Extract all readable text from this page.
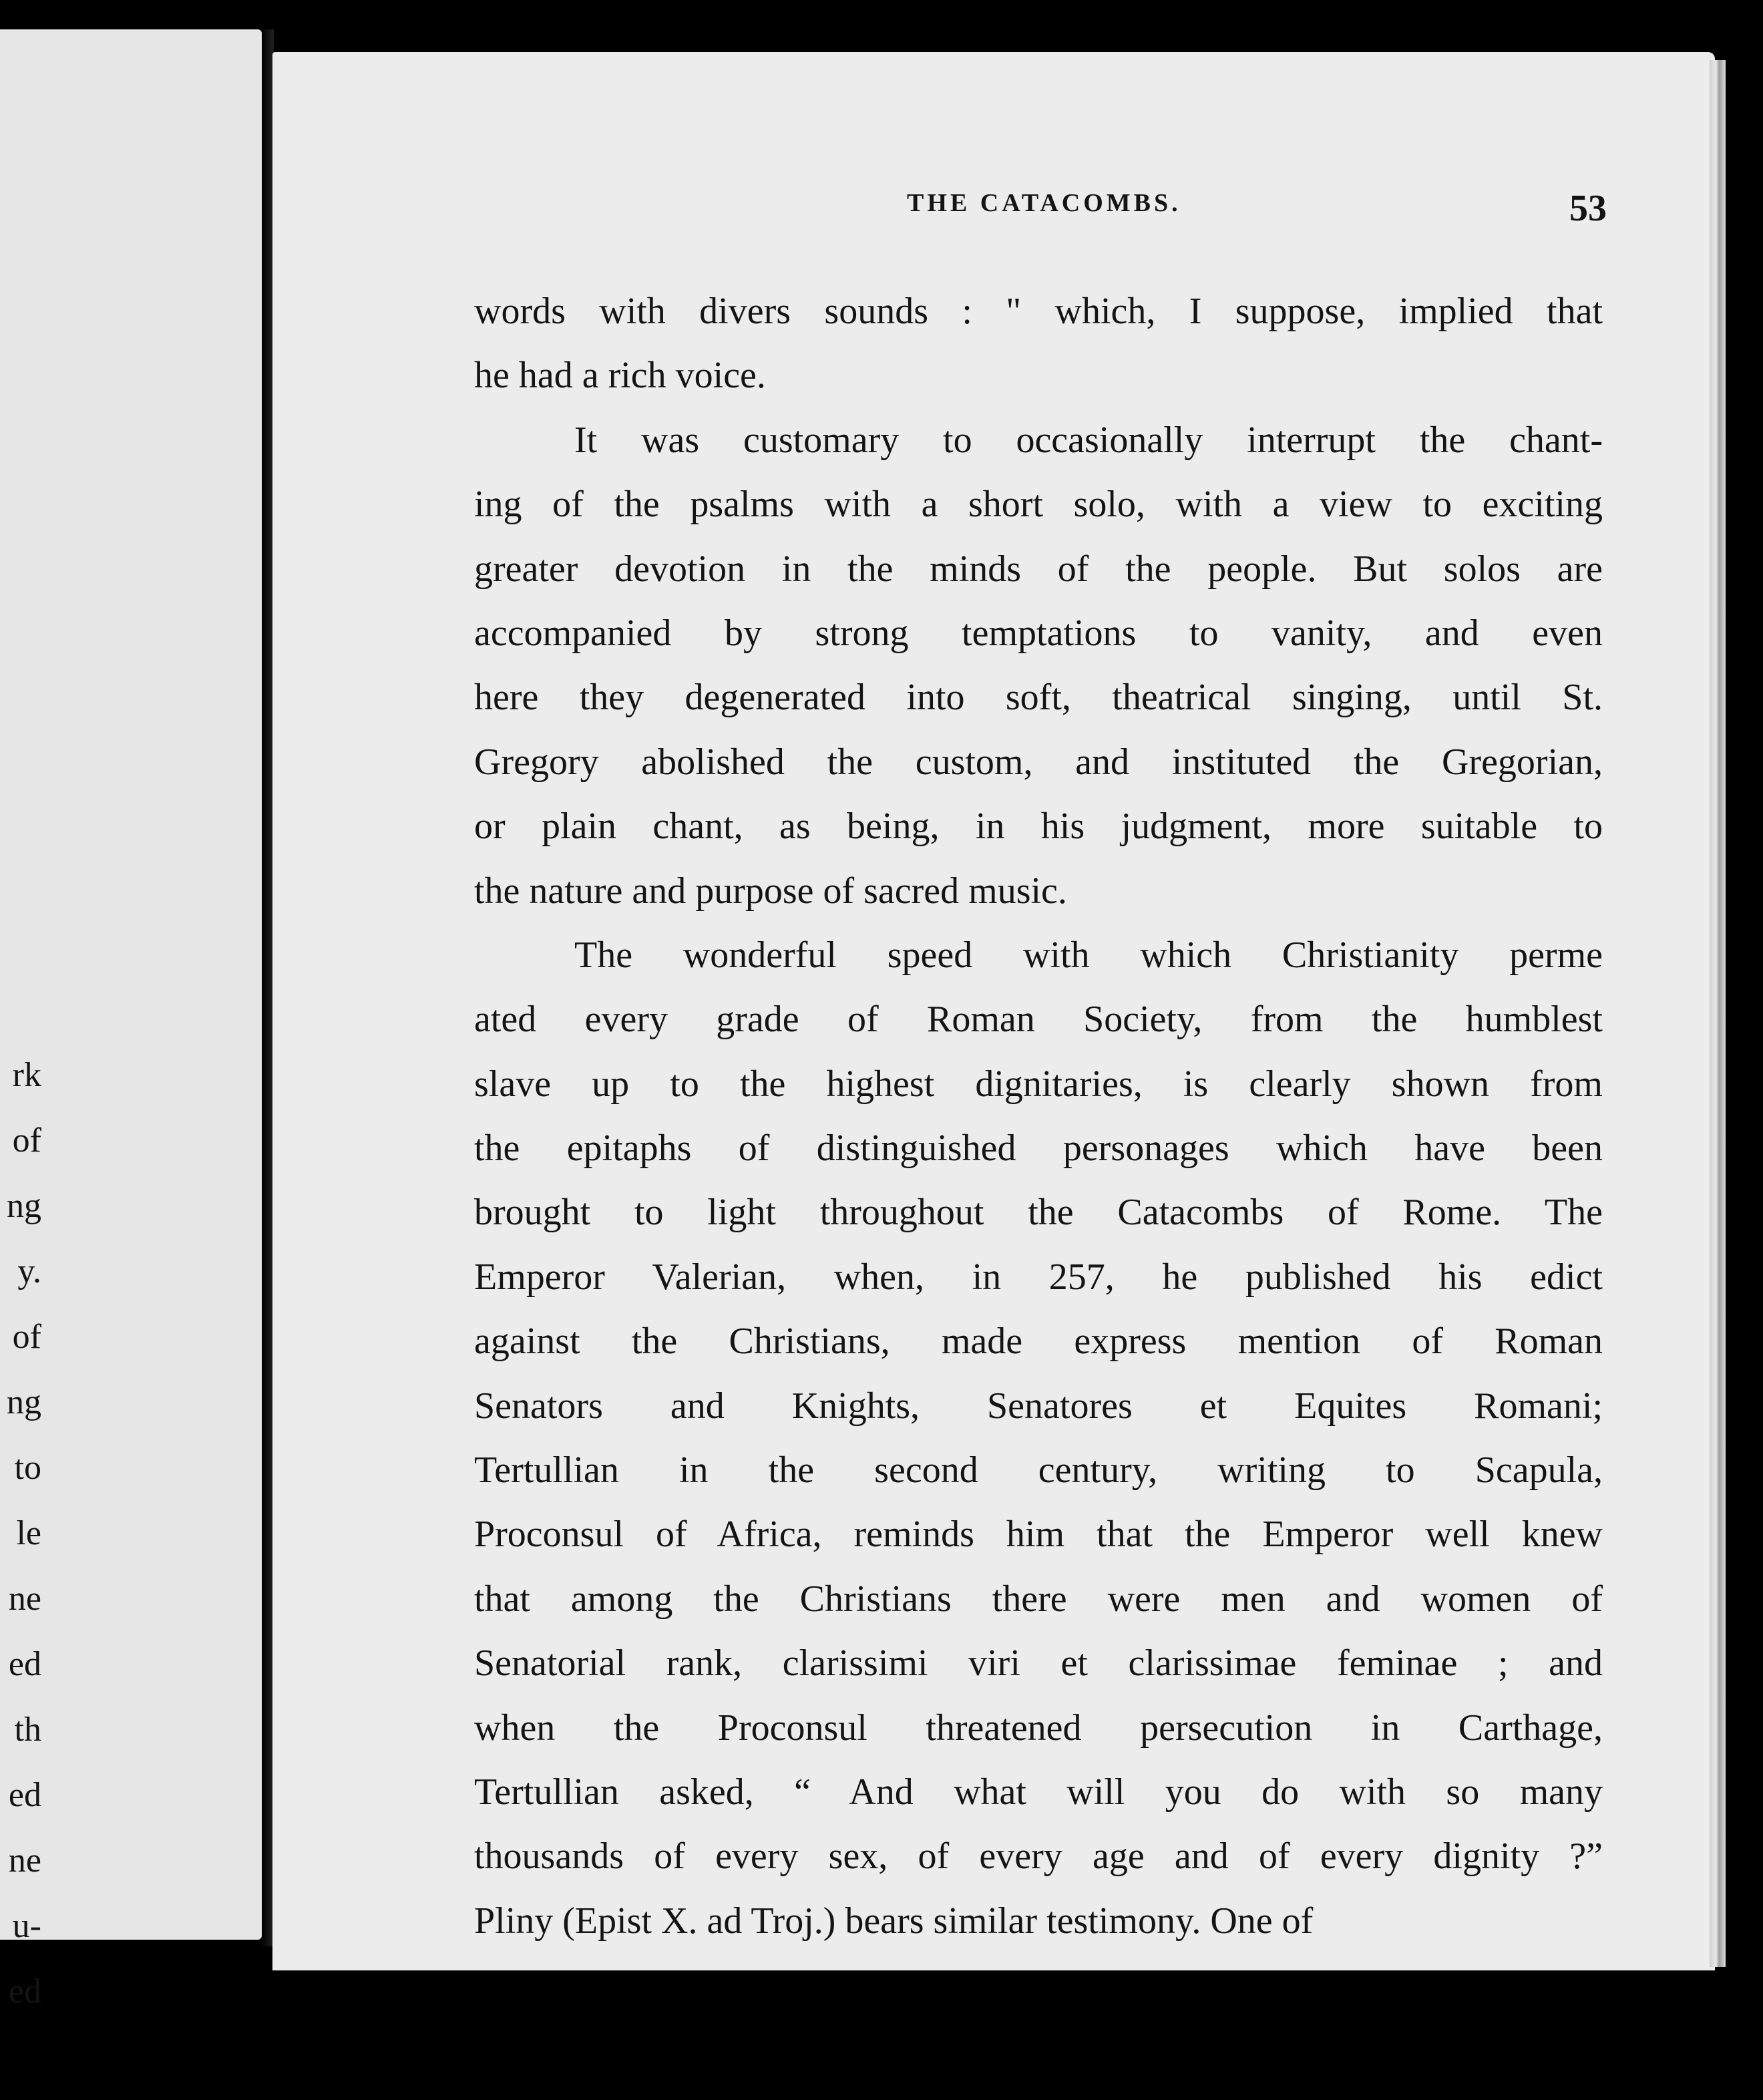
rk
of
ng
y.
of
ng
to
le
ne
ed
th
ed
ne
u-
ed
THE CATACOMBS.	53
words with divers sounds : " which, I suppose, implied that
he had a rich voice.
It was customary to occasionally interrupt the chant-
ing of the psalms with a short solo, with a view to exciting
greater devotion in the minds of the people. But solos are
accompanied by strong temptations to vanity, and even
here they degenerated into soft, theatrical singing, until St.
Gregory abolished the custom, and instituted the Gregorian,
or plain chant, as being, in his judgment, more suitable to
the nature and purpose of sacred music.
The wonderful speed with which Christianity perme
ated every grade of Roman Society, from the humblest
slave up to the highest dignitaries, is clearly shown from
the epitaphs of distinguished personages which have been
brought to light throughout the Catacombs of Rome. The
Emperor Valerian, when, in 257, he published his edict
against the Christians, made express mention of Roman
Senators and Knights, Senatores et Equites Romani;
Tertullian in the second century, writing to Scapula,
Proconsul of Africa, reminds him that the Emperor well knew
that among the Christians there were men and women of
Senatorial rank, clarissimi viri et clarissimae feminae ; and
when the Proconsul threatened persecution in Carthage,
Tertullian asked, “ And what will you do with so many
thousands of every sex, of every age and of every dignity ?”
Pliny (Epist X. ad Troj.) bears similar testimony. One of
